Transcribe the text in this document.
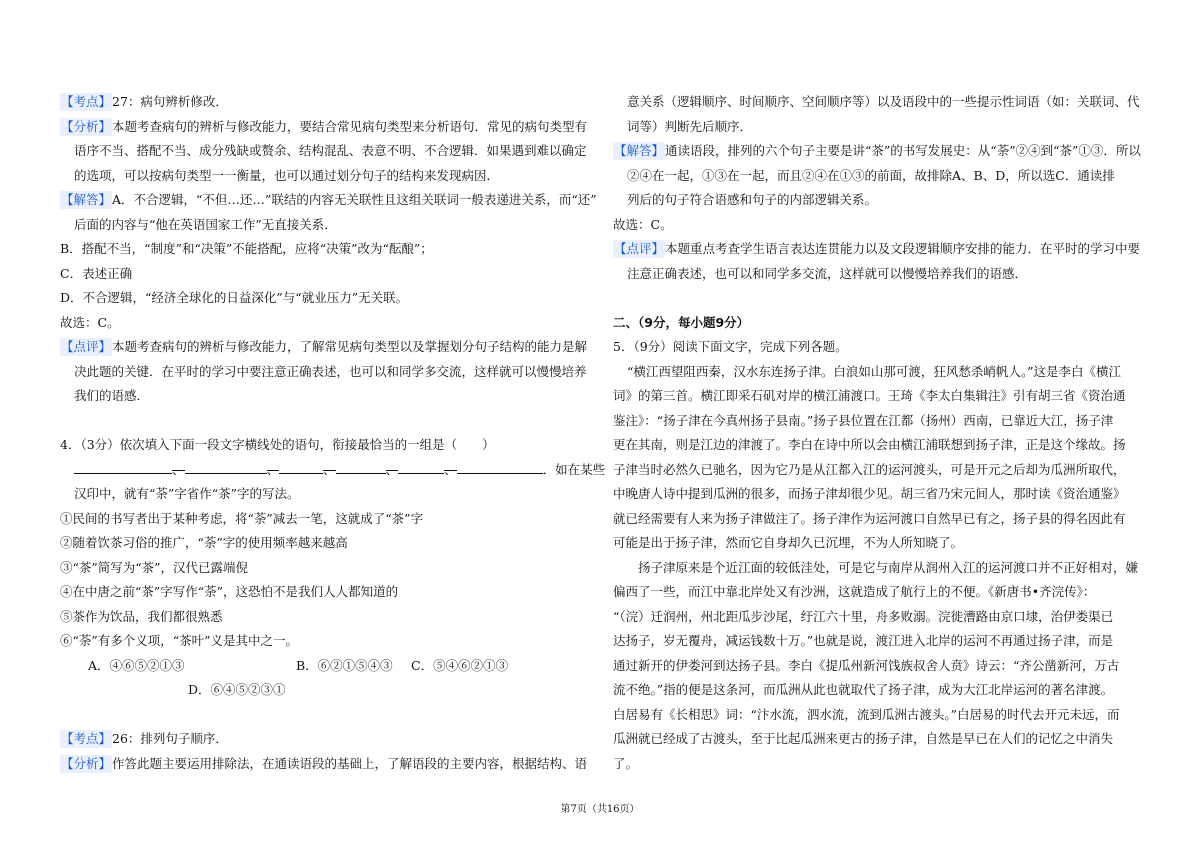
【考点】27：病句辨析修改．
【分析】本题考查病句的辨析与修改能力，要结合常见病句类型来分析语句．常见的病句类型有
语序不当、搭配不当、成分残缺或赘余、结构混乱、表意不明、不合逻辑．如果遇到难以确定
的选项，可以按病句类型一一衡量，也可以通过划分句子的结构来发现病因．
【解答】A．不合逻辑，“不但…还…”联结的内容无关联性且这组关联词一般表递进关系，而“还”
后面的内容与“他在英语国家工作”无直接关系．
B．搭配不当，“制度”和“决策”不能搭配，应将“决策”改为“酝酿”；
C．表述正确
D．不合逻辑，“经济全球化的日益深化”与“就业压力”无关联。
故选：C。
【点评】本题考查病句的辨析与修改能力，了解常见病句类型以及掌握划分句子结构的能力是解
决此题的关键．在平时的学习中要注意正确表述，也可以和同学多交流，这样就可以慢慢培养
我们的语感．
4．（3分）依次填入下面一段文字横线处的语句，衔接最恰当的一组是（　　）
、	、	、	、	、	．如在某些
汉印中，就有“荼”字省作“茶”字的写法。
①民间的书写者出于某种考虑，将“荼”减去一笔，这就成了“茶”字
②随着饮茶习俗的推广，“荼”字的使用频率越来越高
③“茶”简写为“茶”，汉代已露端倪
④在中唐之前“茶”字写作“荼”，这恐怕不是我们人人都知道的
⑤茶作为饮品，我们都很熟悉
⑥“荼”有多个义项，“茶叶”义是其中之一。
A．④⑥⑤②①③	B．⑥②①⑤④③	C．⑤④⑥②①③
D．⑥④⑤②③①
【考点】26：排列句子顺序．
【分析】作答此题主要运用排除法，在通读语段的基础上，了解语段的主要内容，根据结构、语
意关系（逻辑顺序、时间顺序、空间顺序等）以及语段中的一些提示性词语（如：关联词、代
词等）判断先后顺序．
【解答】通读语段，排列的六个句子主要是讲“茶”的书写发展史：从“荼”②④到“茶”①③．所以
②④在一起，①③在一起，而且②④在①③的前面，故排除A、B、D，所以选C．通读排
列后的句子符合语感和句子的内部逻辑关系。
故选：C。
【点评】本题重点考查学生语言表达连贯能力以及文段逻辑顺序安排的能力．在平时的学习中要
注意正确表述，也可以和同学多交流，这样就可以慢慢培养我们的语感．
二、（9分，每小题9分）
5．（9分）阅读下面文字，完成下列各题。
“横江西望阻西秦，汉水东连扬子津。白浪如山那可渡，狂风愁杀峭帆人。”这是李白《横江
词》的第三首。横江即采石矶对岸的横江浦渡口。王琦《李太白集辑注》引有胡三省《资治通
鉴注》：“扬子津在今真州扬子县南。”扬子县位置在江都（扬州）西南，已靠近大江，扬子津
更在其南，则是江边的津渡了。李白在诗中所以会由横江浦联想到扬子津，正是这个缘故。扬
子津当时必然久已驰名，因为它乃是从江都入江的运河渡头，可是开元之后却为瓜洲所取代，
中晚唐人诗中提到瓜洲的很多，而扬子津却很少见。胡三省乃宋元间人，那时读《资治通鉴》
就已经需要有人来为扬子津做注了。扬子津作为运河渡口自然早已有之，扬子县的得名因此有
可能是出于扬子津，然而它自身却久已沉埋，不为人所知晓了。
扬子津原来是个近江面的较低洼处，可是它与南岸从润州入江的运河渡口并不正好相对，嫌
偏西了一些，而江中靠北岸处又有沙洲，这就造成了航行上的不便。《新唐书•齐浣传》：
“（浣）迁润州，州北距瓜步沙尾，纡江六十里，舟多败溺。浣徙漕路由京口埭，治伊娄渠已
达扬子，岁无覆舟，减运钱数十万。”也就是说，渡江进入北岸的运河不再通过扬子津，而是
通过新开的伊娄河到达扬子县。李白《提瓜州新河饯族叔舍人贲》诗云：“齐公凿新河，万古
流不绝。”指的便是这条河，而瓜洲从此也就取代了扬子津，成为大江北岸运河的著名津渡。
白居易有《长相思》词：“汴水流，泗水流，流到瓜洲古渡头。”白居易的时代去开元未远，而
瓜洲就已经成了古渡头，至于比起瓜洲来更古的扬子津，自然是早已在人们的记忆之中消失
了。
第7页（共16页）
